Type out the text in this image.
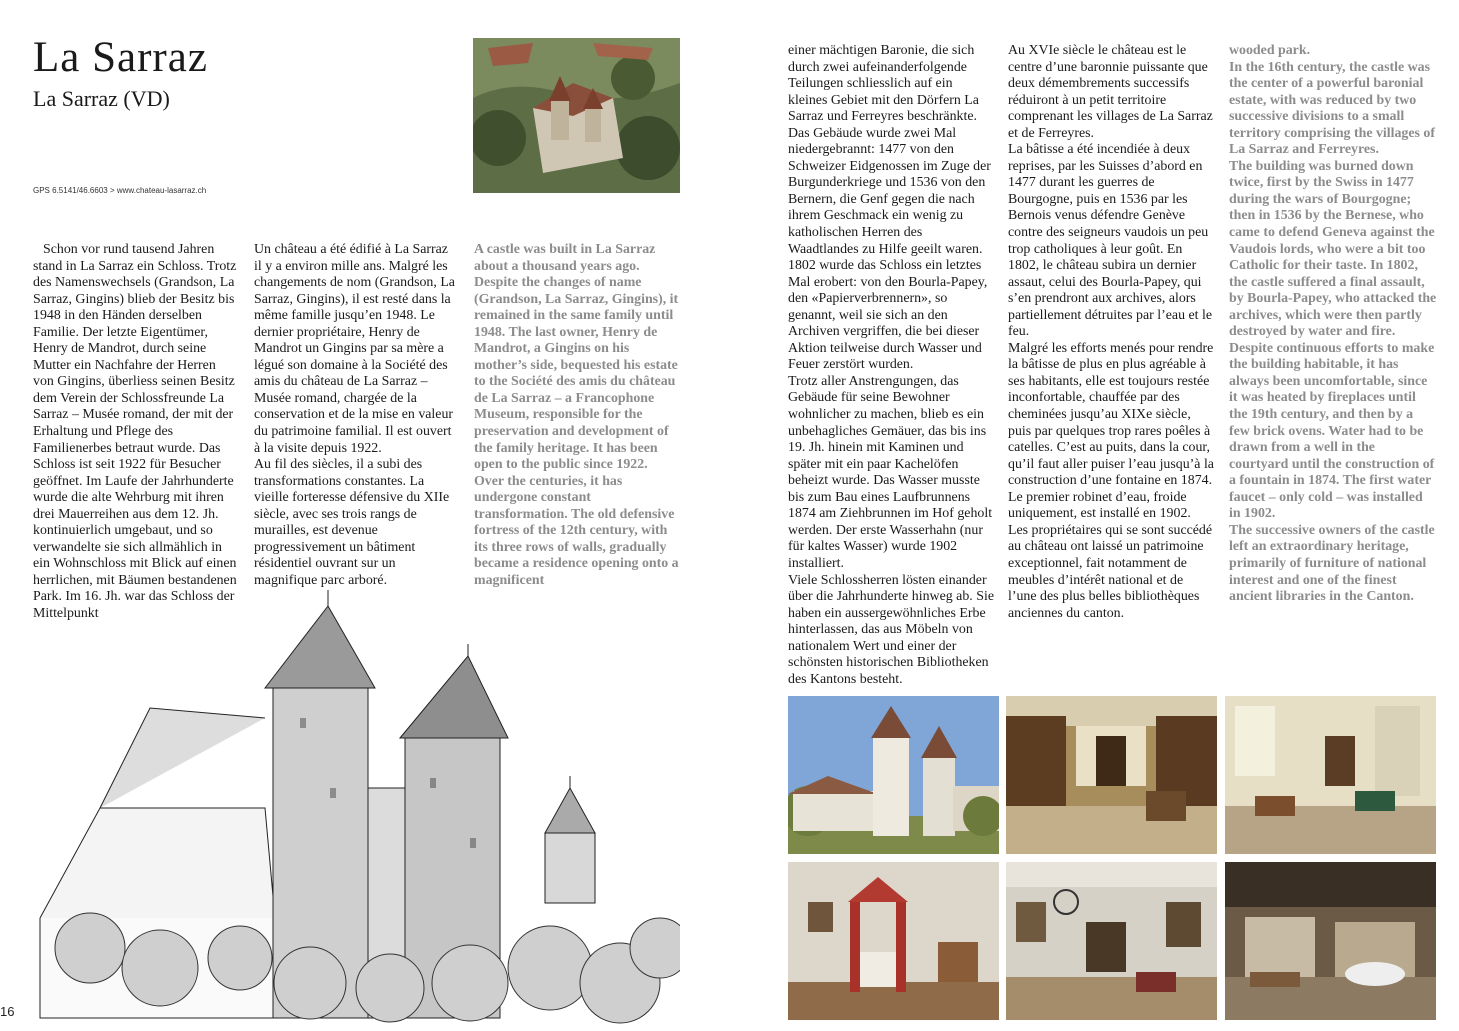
La Sarraz
La Sarraz (VD)
GPS 6.5141/46.6603 > www.chateau-lasarraz.ch

Schon vor rund tausend Jahren stand in La Sarraz ein Schloss. Trotz des Namenswechsels (Grandson, La Sarraz, Gingins) blieb der Besitz bis 1948 in den Händen derselben Familie. Der letzte Eigentümer, Henry de Mandrot, durch seine Mutter ein Nachfahre der Herren von Gingins, überliess seinen Besitz dem Verein der Schlossfreunde La Sarraz – Musée romand, der mit der Erhaltung und Pflege des Familienerbes betraut wurde. Das Schloss ist seit 1922 für Besucher geöffnet. Im Laufe der Jahrhunderte wurde die alte Wehrburg mit ihren drei Mauerreihen aus dem 12. Jh. kontinuierlich umgebaut, und so verwandelte sie sich allmählich in ein Wohnschloss mit Blick auf einen herrlichen, mit Bäumen bestandenen Park. Im 16. Jh. war das Schloss der Mittelpunkt

Un château a été édifié à La Sarraz il y a environ mille ans. Malgré les changements de nom (Grandson, La Sarraz, Gingins), il est resté dans la même famille jusqu’en 1948. Le dernier propriétaire, Henry de Mandrot un Gingins par sa mère a légué son domaine à la Société des amis du château de La Sarraz – Musée romand, chargée de la conservation et de la mise en valeur du patrimoine familial. Il est ouvert à la visite depuis 1922.

Au fil des siècles, il a subi des transformations constantes. La vieille forteresse défensive du XIIe siècle, avec ses trois rangs de murailles, est devenue progressivement un bâtiment résidentiel ouvrant sur un magnifique parc arboré.

A castle was built in La Sarraz about a thousand years ago. Despite the changes of name (Grandson, La Sarraz, Gingins), it remained in the same family until 1948. The last owner, Henry de Mandrot, a Gingins on his mother’s side, bequested his estate to the Société des amis du château de La Sarraz – a Francophone Museum, responsible for the preservation and development of the family heritage. It has been open to the public since 1922.

Over the centuries, it has undergone constant transformation. The old defensive fortress of the 12th century, with its three rows of walls, gradually became a residence opening onto a magnificent

einer mächtigen Baronie, die sich durch zwei aufeinanderfolgende Teilungen schliesslich auf ein kleines Gebiet mit den Dörfern La Sarraz und Ferreyres beschränkte. Das Gebäude wurde zwei Mal niedergebrannt: 1477 von den Schweizer Eidgenossen im Zuge der Burgunderkriege und 1536 von den Bernern, die Genf gegen die nach ihrem Geschmack ein wenig zu katholischen Herren des Waadtlandes zu Hilfe geeilt waren. 1802 wurde das Schloss ein letztes Mal erobert: von den Bourla-Papey, den «Papierverbrennern», so genannt, weil sie sich an den Archiven vergriffen, die bei dieser Aktion teilweise durch Wasser und Feuer zerstört wurden.

Trotz aller Anstrengungen, das Gebäude für seine Bewohner wohnlicher zu machen, blieb es ein unbehagliches Gemäuer, das bis ins 19. Jh. hinein mit Kaminen und später mit ein paar Kachelöfen beheizt wurde. Das Wasser musste bis zum Bau eines Laufbrunnens 1874 am Ziehbrunnen im Hof geholt werden. Der erste Wasserhahn (nur für kaltes Wasser) wurde 1902 installiert.

Viele Schlossherren lösten einander über die Jahrhunderte hinweg ab. Sie haben ein aussergewöhnliches Erbe hinterlassen, das aus Möbeln von nationalem Wert und einer der schönsten historischen Bibliotheken des Kantons besteht.

Au XVIe siècle le château est le centre d’une baronnie puissante que deux démembrements successifs réduiront à un petit territoire comprenant les villages de La Sarraz et de Ferreyres.

La bâtisse a été incendiée à deux reprises, par les Suisses d’abord en 1477 durant les guerres de Bourgogne, puis en 1536 par les Bernois venus défendre Genève contre des seigneurs vaudois un peu trop catholiques à leur goût. En 1802, le château subira un dernier assaut, celui des Bourla-Papey, qui s’en prendront aux archives, alors partiellement détruites par l’eau et le feu.

Malgré les efforts menés pour rendre la bâtisse de plus en plus agréable à ses habitants, elle est toujours restée inconfortable, chauffée par des cheminées jusqu’au XIXe siècle, puis par quelques trop rares poêles à catelles. C’est au puits, dans la cour, qu’il faut aller puiser l’eau jusqu’à la construction d’une fontaine en 1874. Le premier robinet d’eau, froide uniquement, est installé en 1902.

Les propriétaires qui se sont succédé au château ont laissé un patrimoine exceptionnel, fait notamment de meubles d’intérêt national et de l’une des plus belles bibliothèques anciennes du canton.

wooded park.

In the 16th century, the castle was the center of a powerful baronial estate, with was reduced by two successive divisions to a small territory comprising the villages of La Sarraz and Ferreyres.

The building was burned down twice, first by the Swiss in 1477 during the wars of Bourgogne; then in 1536 by the Bernese, who came to defend Geneva against the Vaudois lords, who were a bit too Catholic for their taste. In 1802, the castle suffered a final assault, by Bourla-Papey, who attacked the archives, which were then partly destroyed by water and fire.

Despite continuous efforts to make the building habitable, it has always been uncomfortable, since it was heated by fireplaces until the 19th century, and then by a few brick ovens. Water had to be drawn from a well in the courtyard until the construction of a fountain in 1874. The first water faucet – only cold – was installed in 1902.

The successive owners of the castle left an extraordinary heritage, primarily of furniture of national interest and one of the finest ancient libraries in the Canton.

16
